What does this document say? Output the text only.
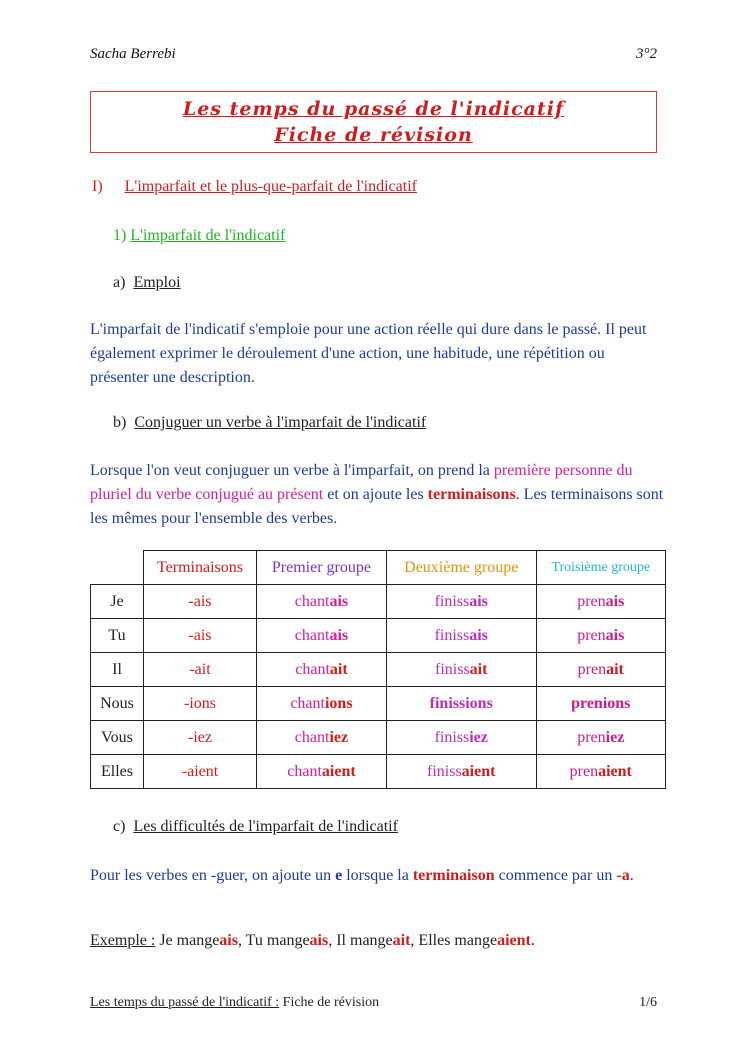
Sacha Berrebi	3°2
Les temps du passé de l'indicatif
Fiche de révision
I) L'imparfait et le plus-que-parfait de l'indicatif
1) L'imparfait de l'indicatif
a) Emploi
L'imparfait de l'indicatif s'emploie pour une action réelle qui dure dans le passé. Il peut également exprimer le déroulement d'une action, une habitude, une répétition ou présenter une description.
b) Conjuguer un verbe à l'imparfait de l'indicatif
Lorsque l'on veut conjuguer un verbe à l'imparfait, on prend la première personne du pluriel du verbe conjugué au présent et on ajoute les terminaisons. Les terminaisons sont les mêmes pour l'ensemble des verbes.
	Terminaisons	Premier groupe	Deuxième groupe	Troisième groupe
Je	-ais	chantais	finissais	prenais
Tu	-ais	chantais	finissais	prenais
Il	-ait	chantait	finissait	prenait
Nous	-ions	chantions	finissions	prenions
Vous	-iez	chantiez	finissiez	preniez
Elles	-aient	chantaient	finissaient	prenaient
c) Les difficultés de l'imparfait de l'indicatif
Pour les verbes en -guer, on ajoute un e lorsque la terminaison commence par un -a.
Exemple : Je mangeais, Tu mangeais, Il mangeait, Elles mangeaient.
Les temps du passé de l'indicatif : Fiche de révision	1/6
